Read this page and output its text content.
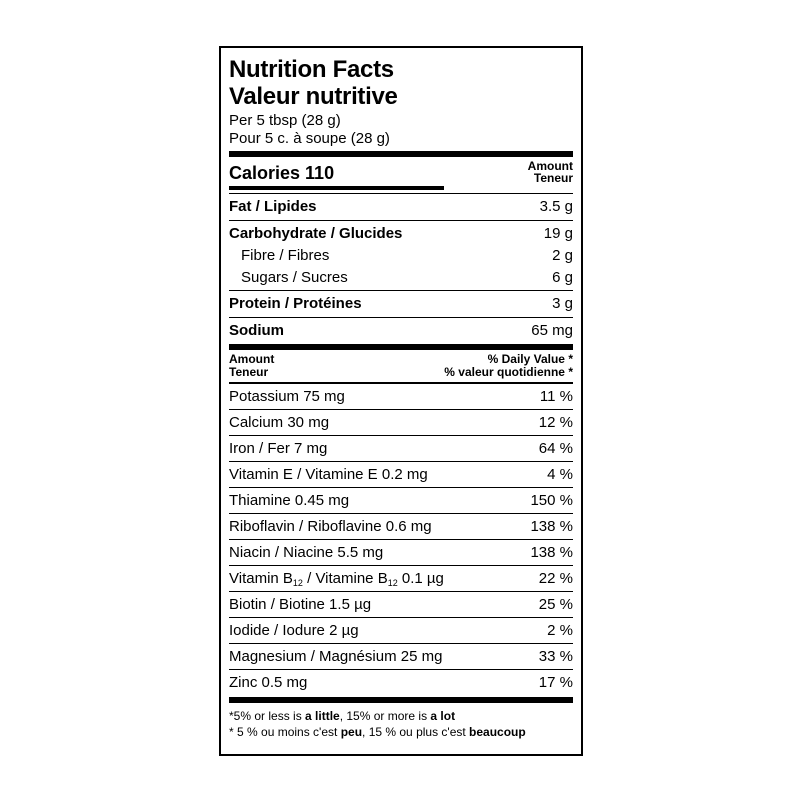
Nutrition Facts
Valeur nutritive
Per 5 tbsp (28 g)
Pour 5 c. à soupe (28 g)
Calories 110	Amount
Teneur
Fat / Lipides	3.5 g
Carbohydrate / Glucides	19 g
Fibre / Fibres	2 g
Sugars / Sucres	6 g
Protein / Protéines	3 g
Sodium	65 mg
Amount
Teneur
% Daily Value *
% valeur quotidienne *
Potassium 75 mg	11 %
Calcium 30 mg	12 %
Iron / Fer 7 mg	64 %
Vitamin E / Vitamine E 0.2 mg	4 %
Thiamine 0.45 mg	150 %
Riboflavin / Riboflavine 0.6 mg	138 %
Niacin / Niacine 5.5 mg	138 %
Vitamin $B_{12}$ / Vitamine $B_{12}$ 0.1 µg	22 %
Biotin / Biotine 1.5 µg	25 %
Iodide / Iodure 2 µg	2 %
Magnesium / Magnésium 25 mg	33 %
Zinc 0.5 mg	17 %
*5% or less is a little, 15% or more is a lot
* 5 % ou moins c'est peu, 15 % ou plus c'est beaucoup
